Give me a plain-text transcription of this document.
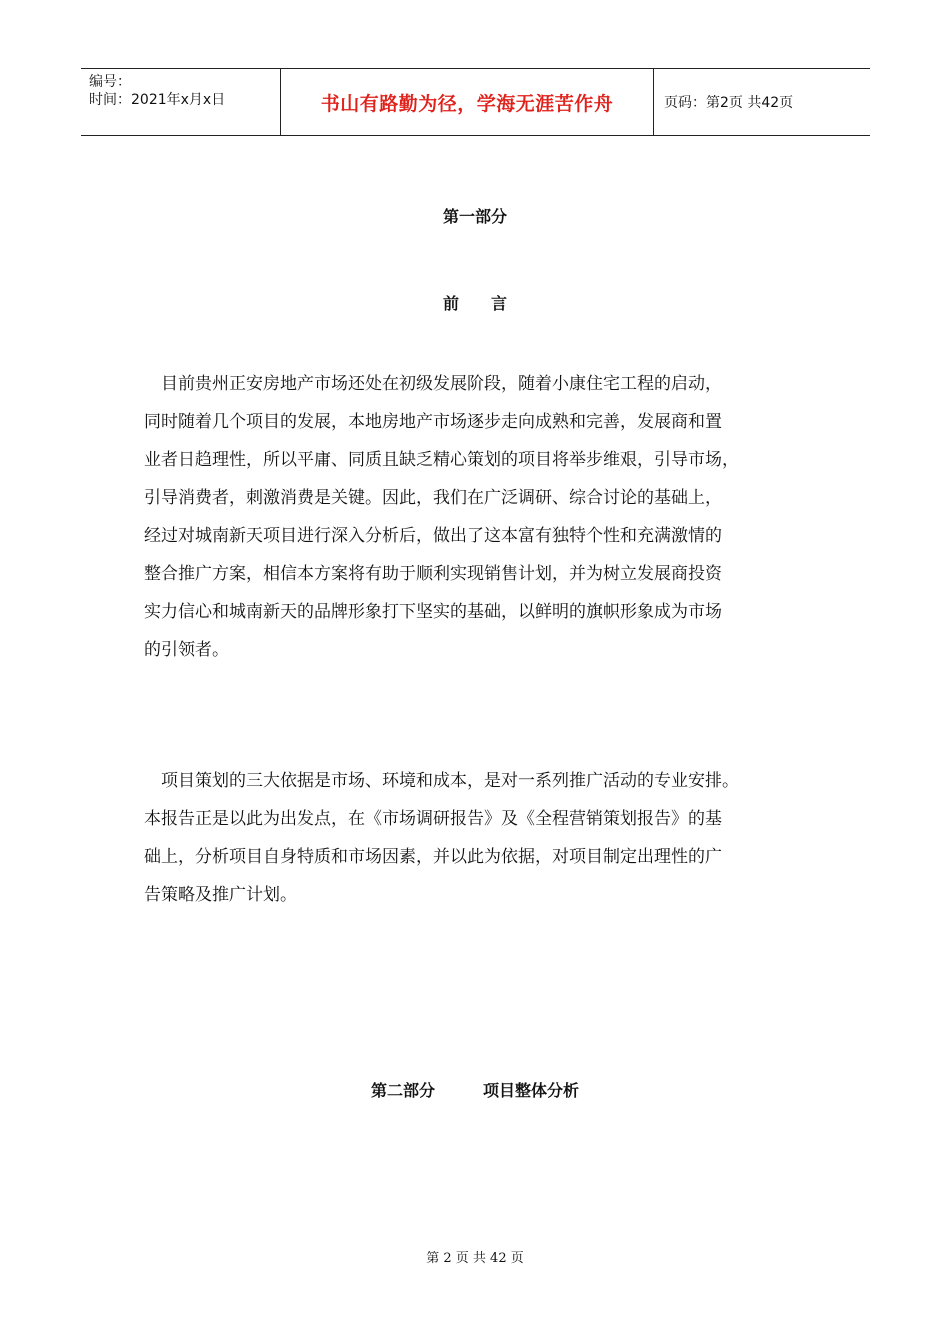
编号：
时间：2021年x月x日	书山有路勤为径，学海无涯苦作舟	页码：第2页 共42页
第一部分
前　　言
　目前贵州正安房地产市场还处在初级发展阶段，随着小康住宅工程的启动，
同时随着几个项目的发展，本地房地产市场逐步走向成熟和完善，发展商和置
业者日趋理性，所以平庸、同质且缺乏精心策划的项目将举步维艰，引导市场，
引导消费者，刺激消费是关键。因此，我们在广泛调研、综合讨论的基础上，
经过对城南新天项目进行深入分析后，做出了这本富有独特个性和充满激情的
整合推广方案，相信本方案将有助于顺利实现销售计划，并为树立发展商投资
实力信心和城南新天的品牌形象打下坚实的基础，以鲜明的旗帜形象成为市场
的引领者。
　项目策划的三大依据是市场、环境和成本，是对一系列推广活动的专业安排。
本报告正是以此为出发点，在《市场调研报告》及《全程营销策划报告》的基
础上，分析项目自身特质和市场因素，并以此为依据，对项目制定出理性的广
告策略及推广计划。
第二部分　　　项目整体分析
第 2 页 共 42 页
